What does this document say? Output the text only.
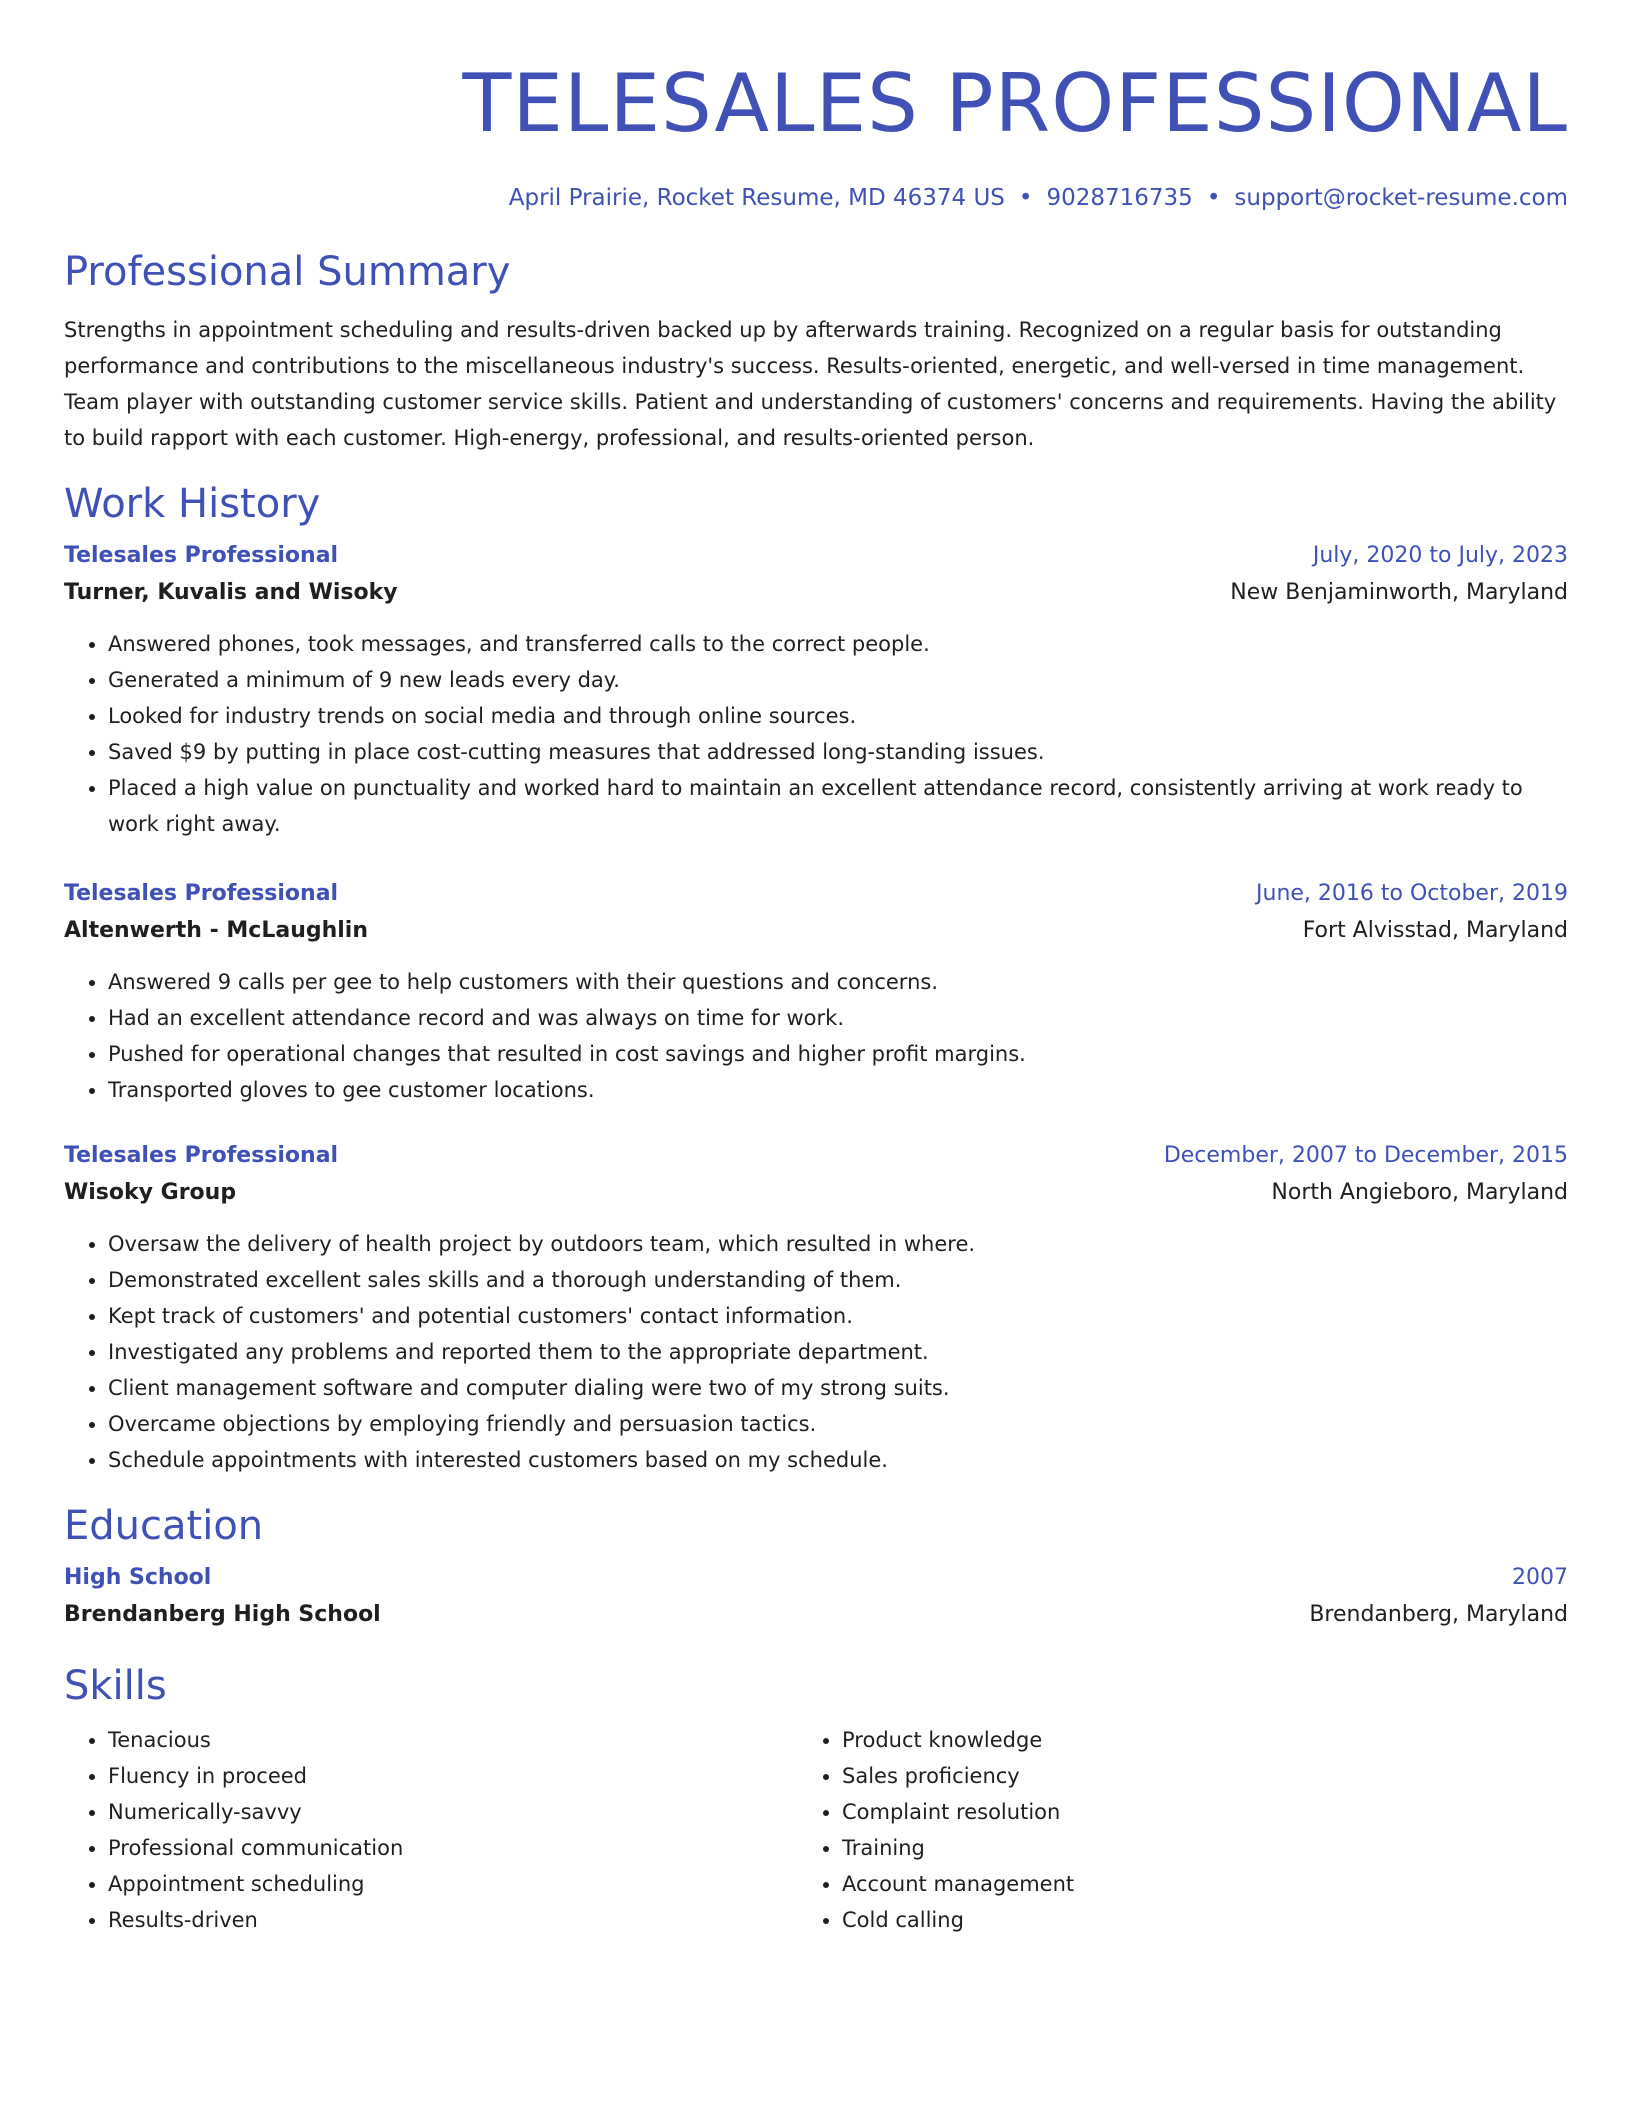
TELESALES PROFESSIONAL
April Prairie, Rocket Resume, MD 46374 US • 9028716735 • support@rocket-resume.com
Professional Summary

Strengths in appointment scheduling and results-driven backed up by afterwards training. Recognized on a regular basis for outstanding performance and contributions to the miscellaneous industry's success. Results-oriented, energetic, and well-versed in time management. Team player with outstanding customer service skills. Patient and understanding of customers' concerns and requirements. Having the ability to build rapport with each customer. High-energy, professional, and results-oriented person.

Work History
Telesales Professional	July, 2020 to July, 2023
Turner, Kuvalis and Wisoky	New Benjaminworth, Maryland
• Answered phones, took messages, and transferred calls to the correct people.
• Generated a minimum of 9 new leads every day.
• Looked for industry trends on social media and through online sources.
• Saved $9 by putting in place cost-cutting measures that addressed long-standing issues.
• Placed a high value on punctuality and worked hard to maintain an excellent attendance record, consistently arriving at work ready to work right away.
Telesales Professional	June, 2016 to October, 2019
Altenwerth - McLaughlin	Fort Alvisstad, Maryland
• Answered 9 calls per gee to help customers with their questions and concerns.
• Had an excellent attendance record and was always on time for work.
• Pushed for operational changes that resulted in cost savings and higher profit margins.
• Transported gloves to gee customer locations.
Telesales Professional	December, 2007 to December, 2015
Wisoky Group	North Angieboro, Maryland
• Oversaw the delivery of health project by outdoors team, which resulted in where.
• Demonstrated excellent sales skills and a thorough understanding of them.
• Kept track of customers' and potential customers' contact information.
• Investigated any problems and reported them to the appropriate department.
• Client management software and computer dialing were two of my strong suits.
• Overcame objections by employing friendly and persuasion tactics.
• Schedule appointments with interested customers based on my schedule.
Education
High School	2007
Brendanberg High School	Brendanberg, Maryland
Skills
• Tenacious
• Fluency in proceed
• Numerically-savvy
• Professional communication
• Appointment scheduling
• Results-driven
• Product knowledge
• Sales proficiency
• Complaint resolution
• Training
• Account management
• Cold calling
